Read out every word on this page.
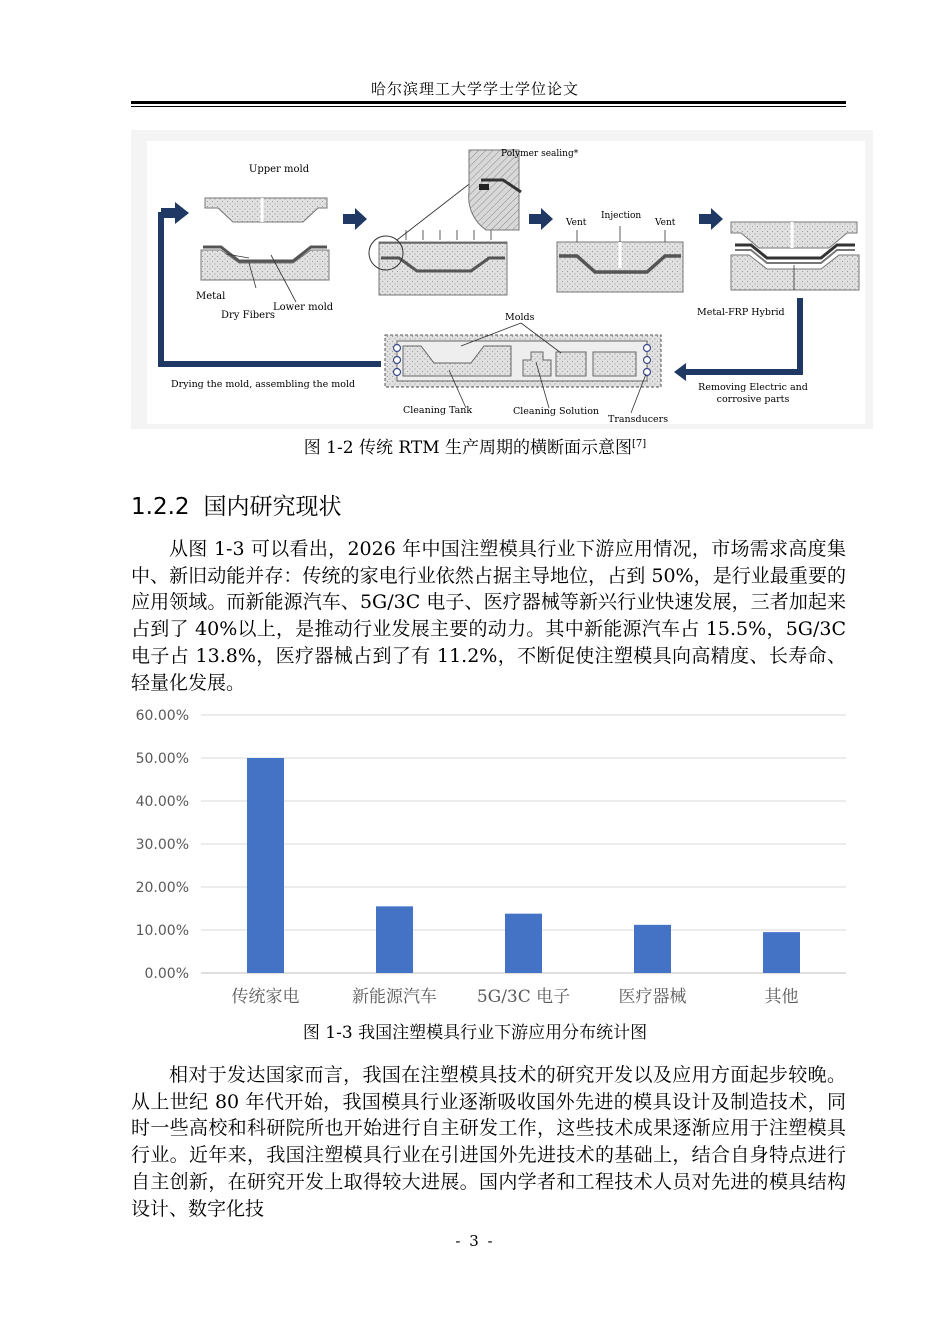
哈尔滨理工大学学士学位论文
Upper mold
Metal
Lower mold
Dry Fibers
Polymer sealing*
Vent
Injection
Vent
Metal-FRP Hybrid
Molds
Drying the mold, assembling the mold
Cleaning Tank	Cleaning Solution
Transducers
Removing Electric and
corrosive parts
图 1-2 传统 RTM 生产周期的横断面示意图[7]
1.2.2 国内研究现状

从图 1-3 可以看出，2026 年中国注塑模具行业下游应用情况，市场需求高度集中、新旧动能并存：传统的家电行业依然占据主导地位，占到 50%，是行业最重要的应用领域。而新能源汽车、5G/3C 电子、医疗器械等新兴行业快速发展，三者加起来占到了 40%以上，是推动行业发展主要的动力。其中新能源汽车占 15.5%，5G/3C 电子占 13.8%，医疗器械占到了有 11.2%，不断促使注塑模具向高精度、长寿命、轻量化发展。

0.00%
10.00%
20.00%
30.00%
40.00%
50.00%
60.00%
传统家电	新能源汽车 5G/3C 电子	医疗器械	其他
图 1-3 我国注塑模具行业下游应用分布统计图

相对于发达国家而言，我国在注塑模具技术的研究开发以及应用方面起步较晚。从上世纪 80 年代开始，我国模具行业逐渐吸收国外先进的模具设计及制造技术，同时一些高校和科研院所也开始进行自主研发工作，这些技术成果逐渐应用于注塑模具行业。近年来，我国注塑模具行业在引进国外先进技术的基础上，结合自身特点进行自主创新，在研究开发上取得较大进展。国内学者和工程技术人员对先进的模具结构设计、数字化技

- 3 -
